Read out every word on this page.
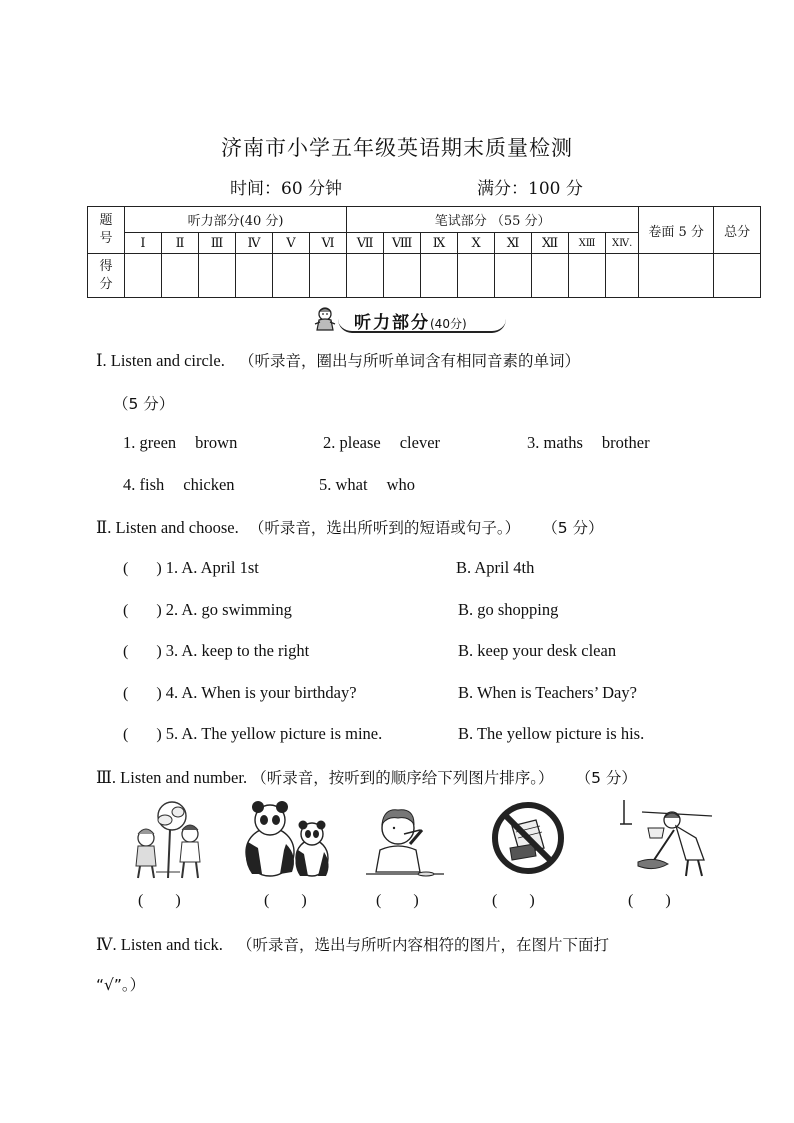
济南市小学五年级英语期末质量检测
时间：60 分钟	满分：100 分
题号	听力部分(40 分)						笔试部分 （55 分）								卷面 5 分	总分
	Ⅰ	Ⅱ	Ⅲ	Ⅳ	Ⅴ	Ⅵ	Ⅶ	Ⅷ	Ⅸ	Ⅹ	Ⅺ	Ⅻ	ⅩⅢ	ⅩⅣ.		
得分																
听力部分(40分)
Ⅰ. Listen and circle. （听录音，圈出与所听单词含有相同音素的单词）
（5 分）
1. green brown	2. please clever	3. maths brother
4. fish chicken	5. what who
Ⅱ. Listen and choose. （听录音，选出所听到的短语或句子。） （5 分）
(       ) 1. A. April 1st	B. April 4th
(       ) 2. A. go swimming	B. go shopping
(       ) 3. A. keep to the right	B. keep your desk clean
(       ) 4. A. When is your birthday?	B. When is Teachers’ Day?
(       ) 5. A. The yellow picture is mine.	B. The yellow picture is his.
Ⅲ. Listen and number. （听录音，按听到的顺序给下列图片排序。） （5 分）
(        )	(        )	(        )	(        )	(        )
Ⅳ. Listen and tick. （听录音，选出与所听内容相符的图片，在图片下面打
“√”。）
